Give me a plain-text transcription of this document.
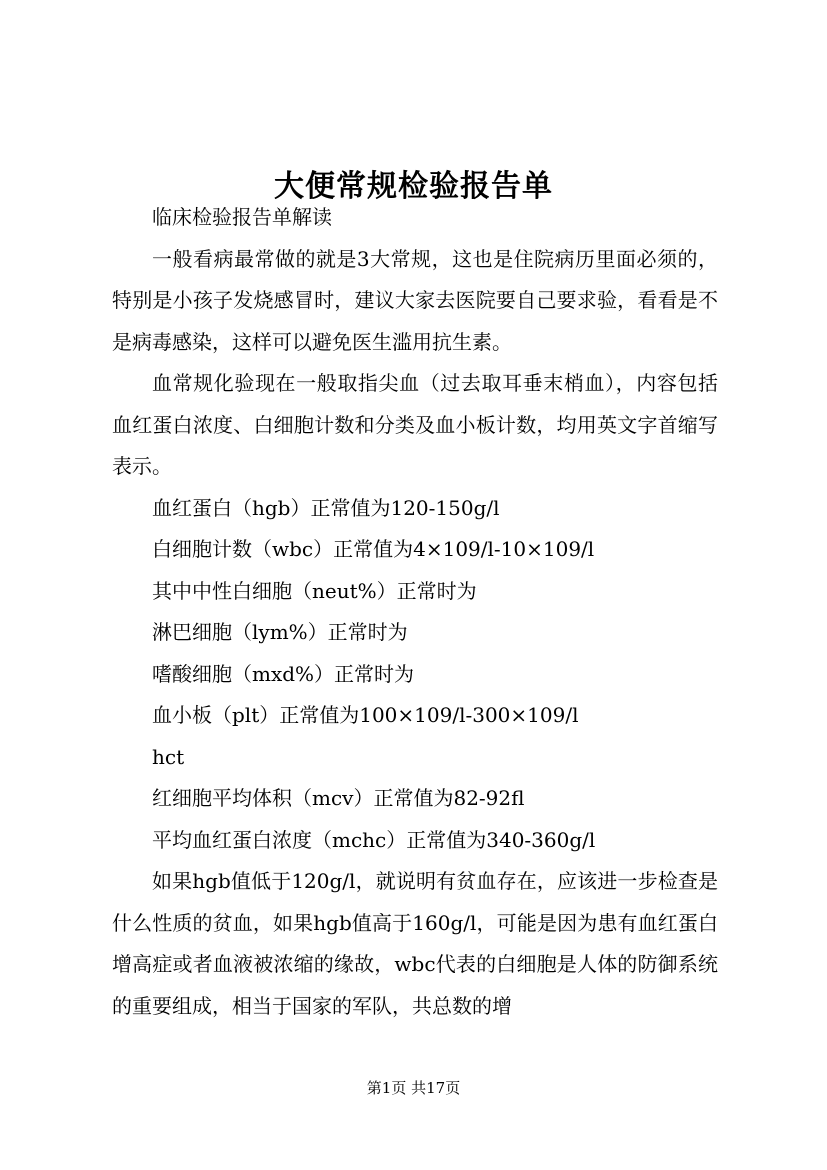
大便常规检验报告单

临床检验报告单解读

一般看病最常做的就是3大常规，这也是住院病历里面必须的，特别是小孩子发烧感冒时，建议大家去医院要自己要求验，看看是不是病毒感染，这样可以避免医生滥用抗生素。

血常规化验现在一般取指尖血（过去取耳垂末梢血），内容包括血红蛋白浓度、白细胞计数和分类及血小板计数，均用英文字首缩写表示。

血红蛋白（hgb）正常值为120-150g/l

白细胞计数（wbc）正常值为4×109/l-10×109/l

其中中性白细胞（neut%）正常时为

淋巴细胞（lym%）正常时为

嗜酸细胞（mxd%）正常时为

血小板（plt）正常值为100×109/l-300×109/l

hct

红细胞平均体积（mcv）正常值为82-92fl

平均血红蛋白浓度（mchc）正常值为340-360g/l

如果hgb值低于120g/l，就说明有贫血存在，应该进一步检查是什么性质的贫血，如果hgb值高于160g/l，可能是因为患有血红蛋白增高症或者血液被浓缩的缘故，wbc代表的白细胞是人体的防御系统的重要组成，相当于国家的军队，共总数的增

第1页 共17页
